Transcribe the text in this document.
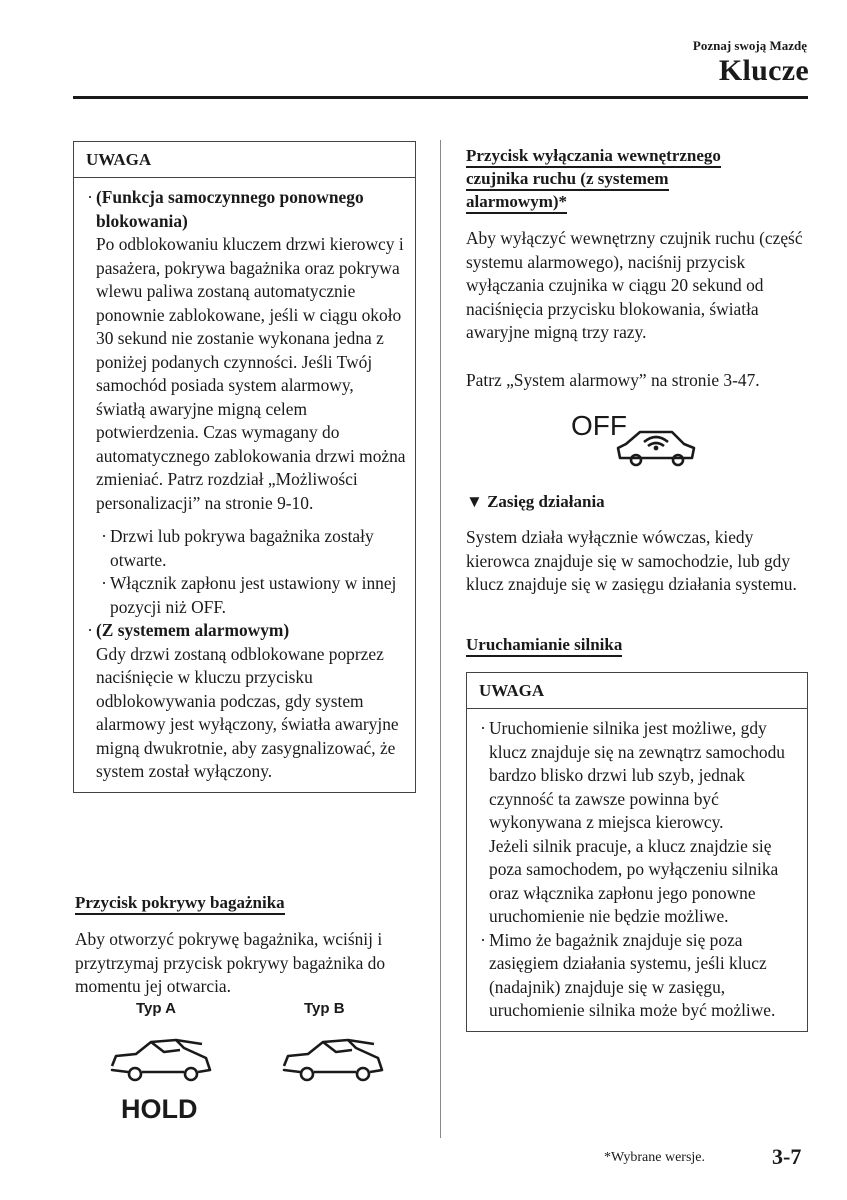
Poznaj swoją Mazdę
Klucze
UWAGA
· (Funkcja samoczynnego ponownego blokowania)
Po odblokowaniu kluczem drzwi kierowcy i pasażera, pokrywa bagażnika oraz pokrywa wlewu paliwa zostaną automatycznie ponownie zablokowane, jeśli w ciągu około 30 sekund nie zostanie wykonana jedna z poniżej podanych czynności. Jeśli Twój samochód posiada system alarmowy, światłą awaryjne migną celem potwierdzenia. Czas wymagany do automatycznego zablokowania drzwi można zmieniać. Patrz rozdział „Możliwości personalizacji” na stronie 9-10.
· Drzwi lub pokrywa bagażnika zostały otwarte.
· Włącznik zapłonu jest ustawiony w innej pozycji niż OFF.
· (Z systemem alarmowym)
Gdy drzwi zostaną odblokowane poprzez naciśnięcie w kluczu przycisku odblokowywania podczas, gdy system alarmowy jest wyłączony, światła awaryjne migną dwukrotnie, aby zasygnalizować, że system został wyłączony.
Przycisk pokrywy bagażnika
Aby otworzyć pokrywę bagażnika, wciśnij i przytrzymaj przycisk pokrywy bagażnika do momentu jej otwarcia.
Typ A	Typ B
HOLD
Przycisk wyłączania wewnętrznego
czujnika ruchu (z systemem
alarmowym)*
Aby wyłączyć wewnętrzny czujnik ruchu (część systemu alarmowego), naciśnij przycisk wyłączania czujnika w ciągu 20 sekund od naciśnięcia przycisku blokowania, światła awaryjne migną trzy razy.
Patrz „System alarmowy” na stronie 3-47.
OFF
▼ Zasięg działania
System działa wyłącznie wówczas, kiedy kierowca znajduje się w samochodzie, lub gdy klucz znajduje się w zasięgu działania systemu.
Uruchamianie silnika
UWAGA
· Uruchomienie silnika jest możliwe, gdy klucz znajduje się na zewnątrz samochodu bardzo blisko drzwi lub szyb, jednak czynność ta zawsze powinna być wykonywana z miejsca kierowcy.
Jeżeli silnik pracuje, a klucz znajdzie się poza samochodem, po wyłączeniu silnika oraz włącznika zapłonu jego ponowne uruchomienie nie będzie możliwe.
· Mimo że bagażnik znajduje się poza zasięgiem działania systemu, jeśli klucz (nadajnik) znajduje się w zasięgu, uruchomienie silnika może być możliwe.
*Wybrane wersje.	3-7
